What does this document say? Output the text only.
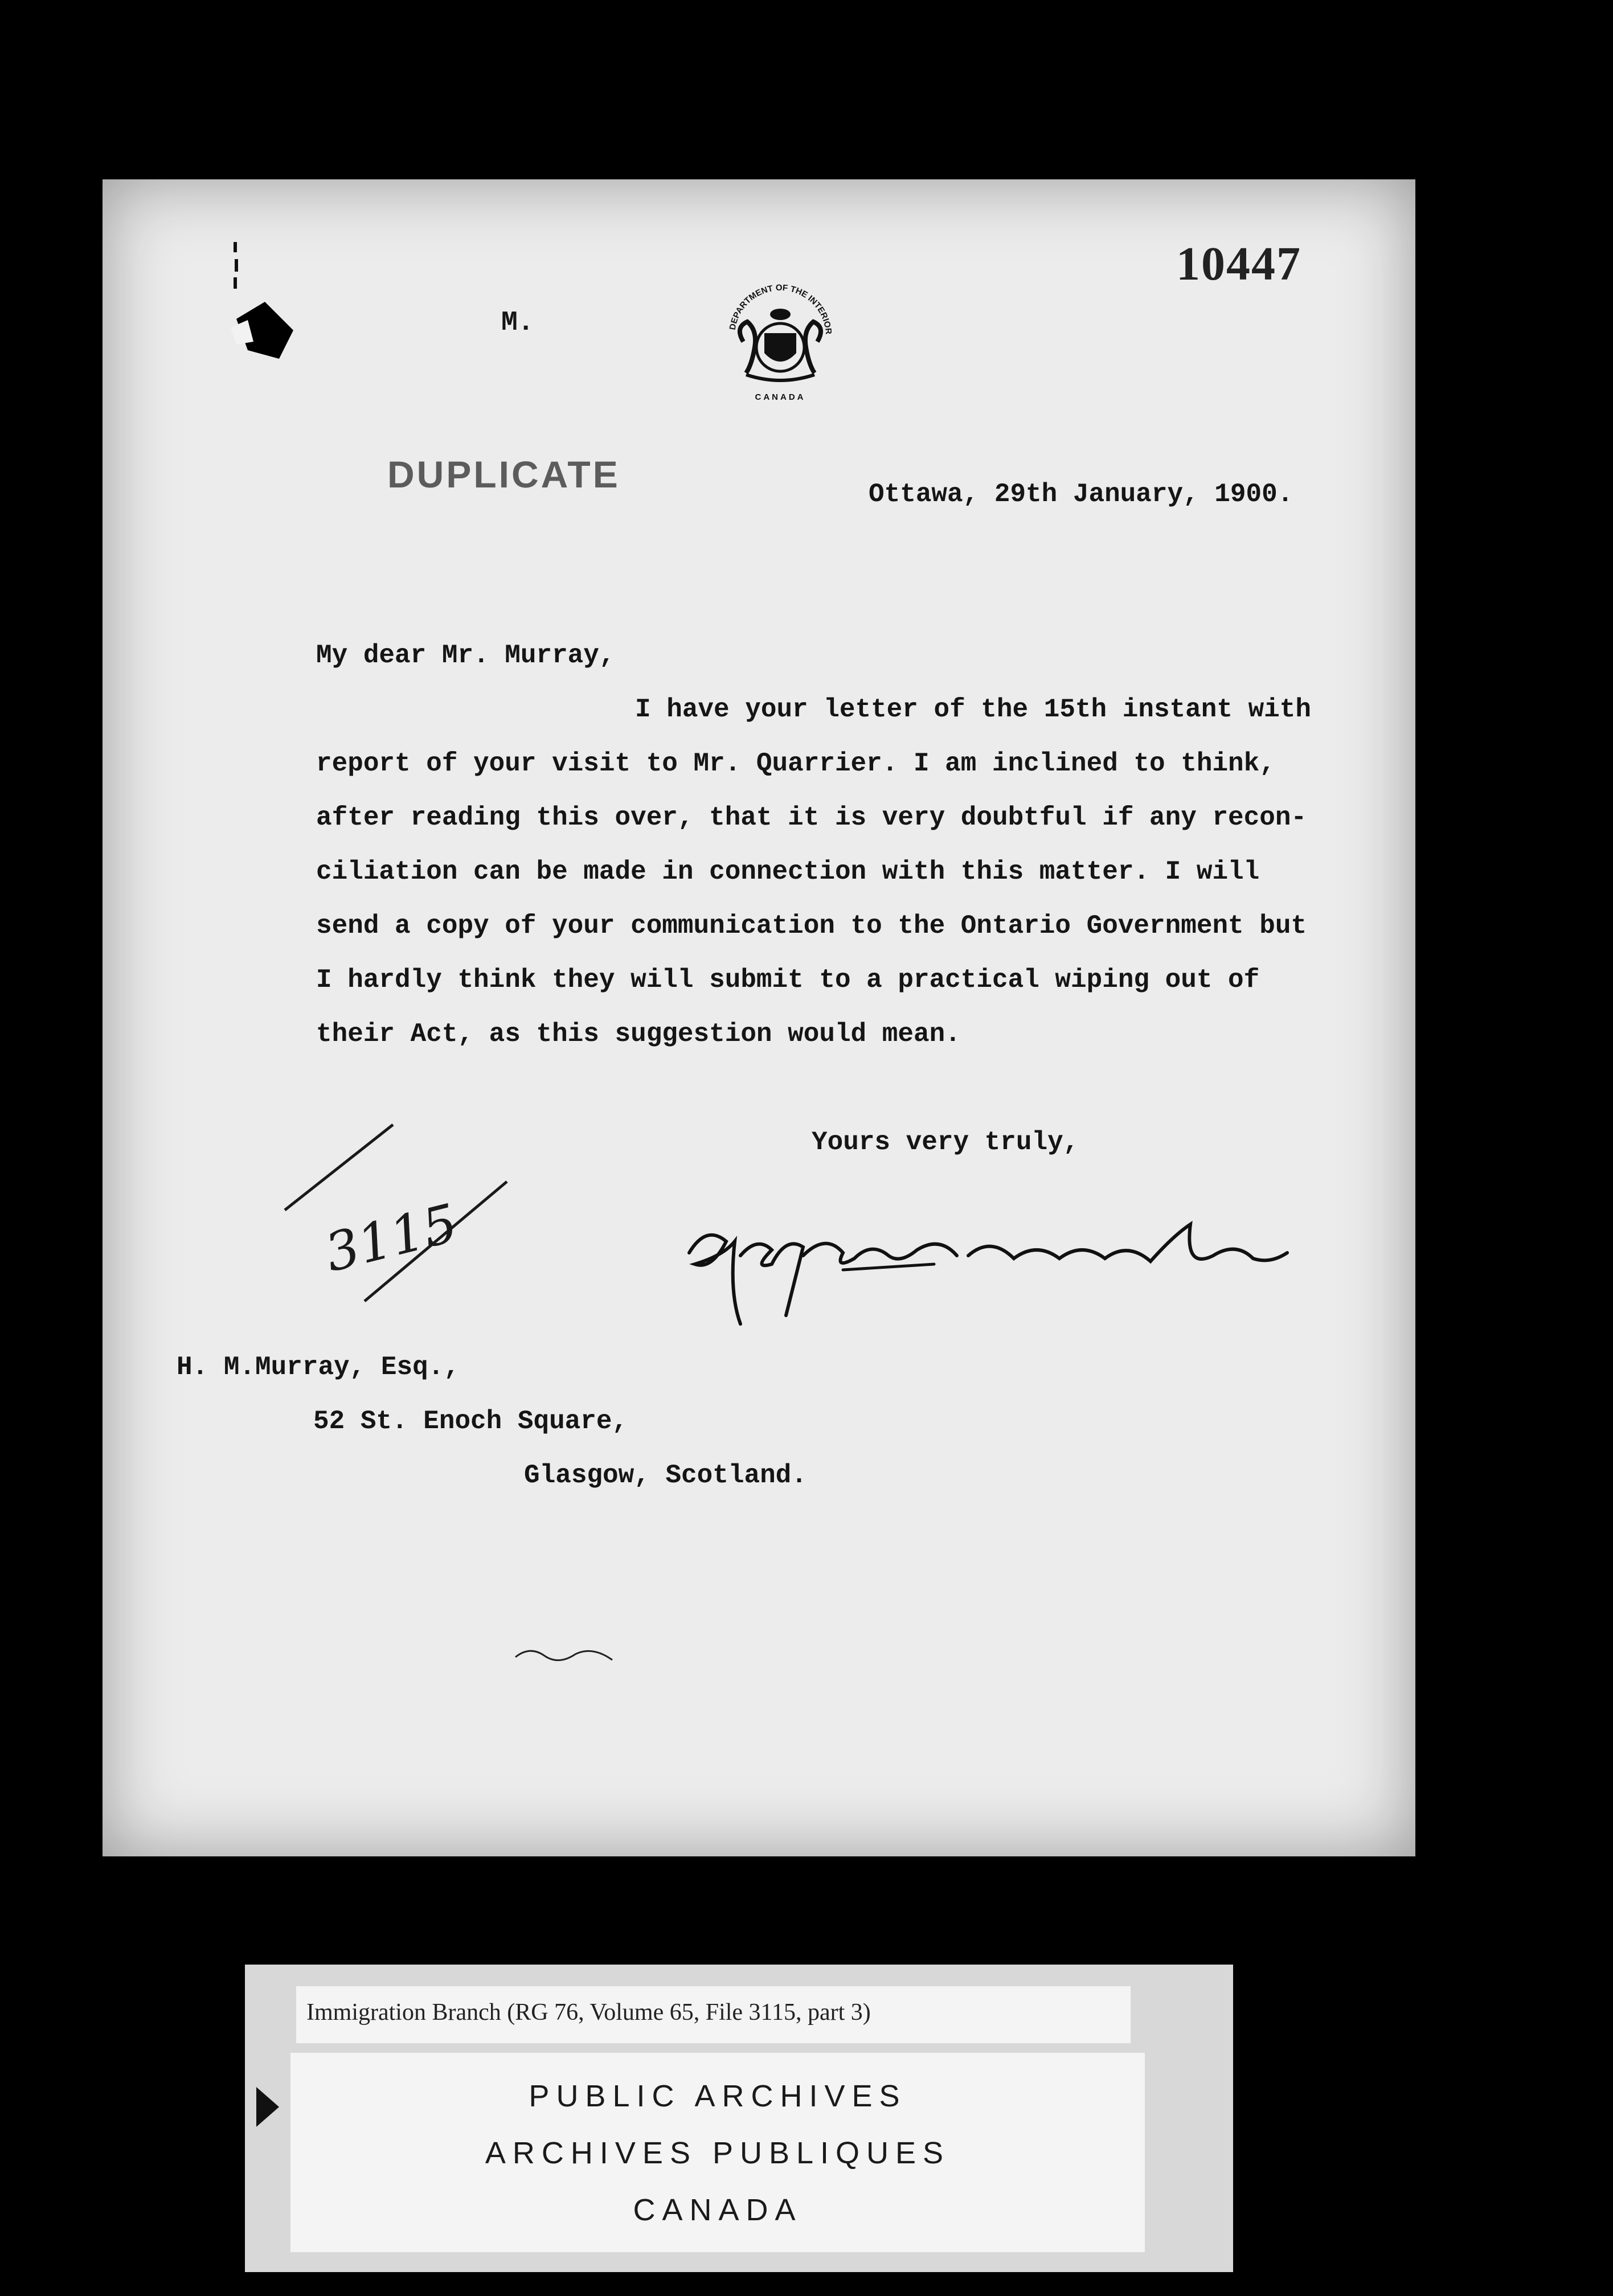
10447
M.	DEPARTMENT OF THE INTERIOR
CANADA
DUPLICATE	Ottawa, 29th January, 1900.
My dear Mr. Murray,
I have your letter of the 15th instant with
report of your visit to Mr. Quarrier. I am inclined to think,
after reading this over, that it is very doubtful if any recon-
ciliation can be made in connection with this matter. I will
send a copy of your communication to the Ontario Government but
I hardly think they will submit to a practical wiping out of
their Act, as this suggestion would mean.
Yours very truly,
3115
H. M.Murray, Esq.,
52 St. Enoch Square,
Glasgow, Scotland.
Immigration Branch (RG 76, Volume 65, File 3115, part 3)
PUBLIC ARCHIVES
ARCHIVES PUBLIQUES
CANADA
